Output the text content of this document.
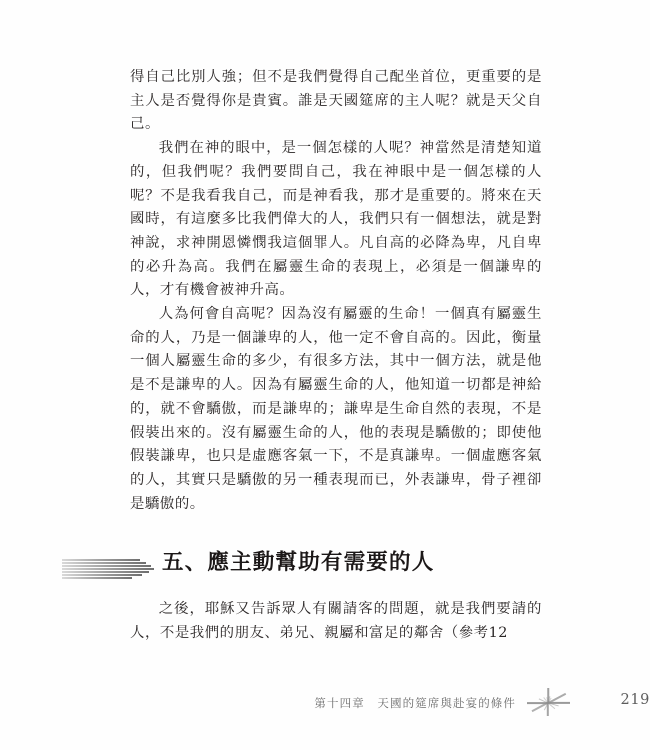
得自己比別人強；但不是我們覺得自己配坐首位，更重要的是主人是否覺得你是貴賓。誰是天國筵席的主人呢？就是天父自己。

我們在神的眼中，是一個怎樣的人呢？神當然是清楚知道的，但我們呢？我們要問自己，我在神眼中是一個怎樣的人呢？不是我看我自己，而是神看我，那才是重要的。將來在天國時，有這麼多比我們偉大的人，我們只有一個想法，就是對神說，求神開恩憐憫我這個罪人。凡自高的必降為卑，凡自卑的必升為高。我們在屬靈生命的表現上，必須是一個謙卑的人，才有機會被神升高。

人為何會自高呢？因為沒有屬靈的生命！一個真有屬靈生命的人，乃是一個謙卑的人，他一定不會自高的。因此，衡量一個人屬靈生命的多少，有很多方法，其中一個方法，就是他是不是謙卑的人。因為有屬靈生命的人，他知道一切都是神給的，就不會驕傲，而是謙卑的；謙卑是生命自然的表現，不是假裝出來的。沒有屬靈生命的人，他的表現是驕傲的；即使他假裝謙卑，也只是虛應客氣一下，不是真謙卑。一個虛應客氣的人，其實只是驕傲的另一種表現而已，外表謙卑，骨子裡卻是驕傲的。

五、應主動幫助有需要的人

之後，耶穌又告訴眾人有關請客的問題，就是我們要請的人，不是我們的朋友、弟兄、親屬和富足的鄰舍（參考12

第十四章　天國的筵席與赴宴的條件	219
